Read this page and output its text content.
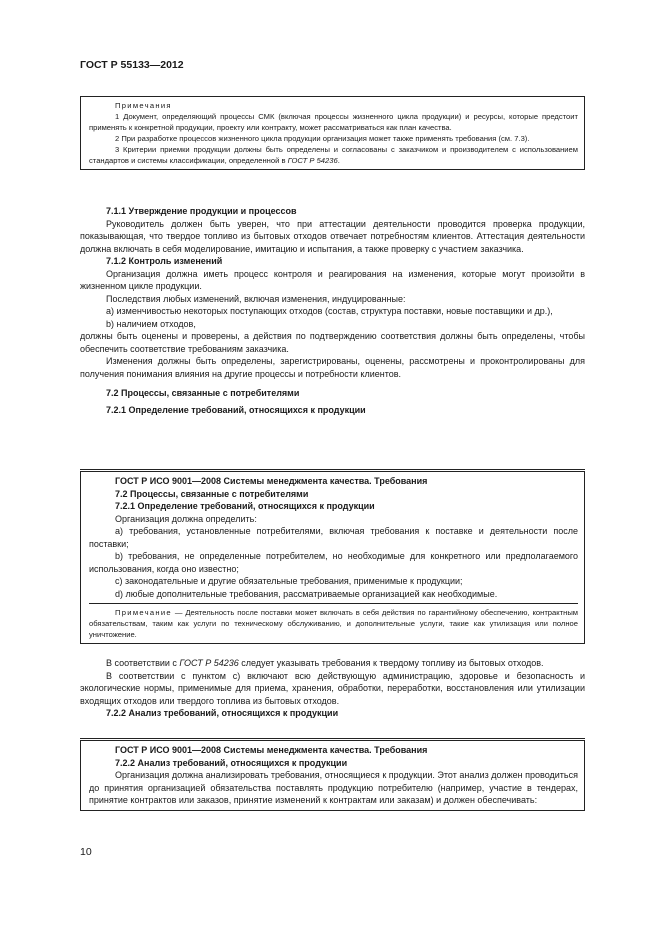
ГОСТ Р 55133—2012

Примечания

1 Документ, определяющий процессы СМК (включая процессы жизненного цикла продукции) и ресурсы, которые предстоит применять к конкретной продукции, проекту или контракту, может рассматриваться как план качества.

2 При разработке процессов жизненного цикла продукции организация может также применять требования (см. 7.3).

3 Критерии приемки продукции должны быть определены и согласованы с заказчиком и производителем с использованием стандартов и системы классификации, определенной в ГОСТ Р 54236.

7.1.1 Утверждение продукции и процессов

Руководитель должен быть уверен, что при аттестации деятельности проводится проверка продукции, показывающая, что твердое топливо из бытовых отходов отвечает потребностям клиентов. Аттестация деятельности должна включать в себя моделирование, имитацию и испытания, а также проверку с участием заказчика.

7.1.2 Контроль изменений

Организация должна иметь процесс контроля и реагирования на изменения, которые могут произойти в жизненном цикле продукции.

Последствия любых изменений, включая изменения, индуцированные:

а) изменчивостью некоторых поступающих отходов (состав, структура поставки, новые поставщики и др.),

b) наличием отходов,

должны быть оценены и проверены, а действия по подтверждению соответствия должны быть определены, чтобы обеспечить соответствие требованиям заказчика.

Изменения должны быть определены, зарегистрированы, оценены, рассмотрены и проконтролированы для получения понимания влияния на другие процессы и потребности клиентов.

7.2 Процессы, связанные с потребителями

7.2.1 Определение требований, относящихся к продукции

ГОСТ Р ИСО 9001—2008 Системы менеджмента качества. Требования

7.2 Процессы, связанные с потребителями

7.2.1 Определение требований, относящихся к продукции

Организация должна определить:

а) требования, установленные потребителями, включая требования к поставке и деятельности после поставки;

b) требования, не определенные потребителем, но необходимые для конкретного или предполагаемого использования, когда оно известно;

с) законодательные и другие обязательные требования, применимые к продукции;

d) любые дополнительные требования, рассматриваемые организацией как необходимые.

Примечание — Деятельность после поставки может включать в себя действия по гарантийному обеспечению, контрактным обязательствам, таким как услуги по техническому обслуживанию, и дополнительные услуги, такие как утилизация или полное уничтожение.

В соответствии с ГОСТ Р 54236 следует указывать требования к твердому топливу из бытовых отходов.

В соответствии с пунктом с) включают всю действующую администрацию, здоровье и безопасность и экологические нормы, применимые для приема, хранения, обработки, переработки, восстановления или утилизации входящих отходов или твердого топлива из бытовых отходов.

7.2.2 Анализ требований, относящихся к продукции

ГОСТ Р ИСО 9001—2008 Системы менеджмента качества. Требования

7.2.2 Анализ требований, относящихся к продукции

Организация должна анализировать требования, относящиеся к продукции. Этот анализ должен проводиться до принятия организацией обязательства поставлять продукцию потребителю (например, участие в тендерах, принятие контрактов или заказов, принятие изменений к контрактам или заказам) и должен обеспечивать:

10
